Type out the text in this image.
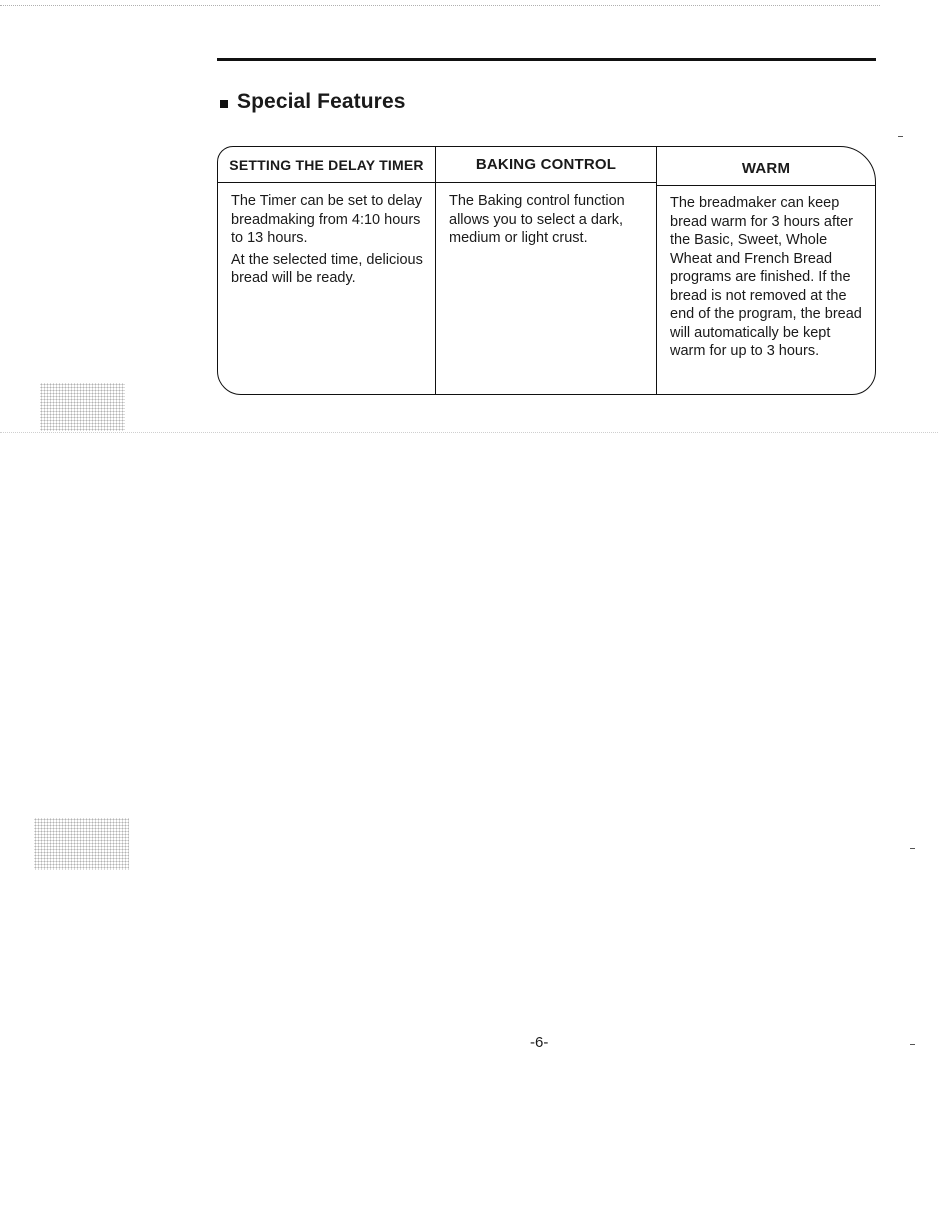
Special Features
SETTING THE DELAY TIMER

The Timer can be set to delay breadmaking from 4:10 hours to 13 hours.

At the selected time, delicious bread will be ready.

BAKING CONTROL

The Baking control function allows you to select a dark, medium or light crust.

WARM

The breadmaker can keep bread warm for 3 hours after the Basic, Sweet, Whole Wheat and French Bread programs are finished. If the bread is not removed at the end of the program, the bread will automatically be kept warm for up to 3 hours.

-6-
